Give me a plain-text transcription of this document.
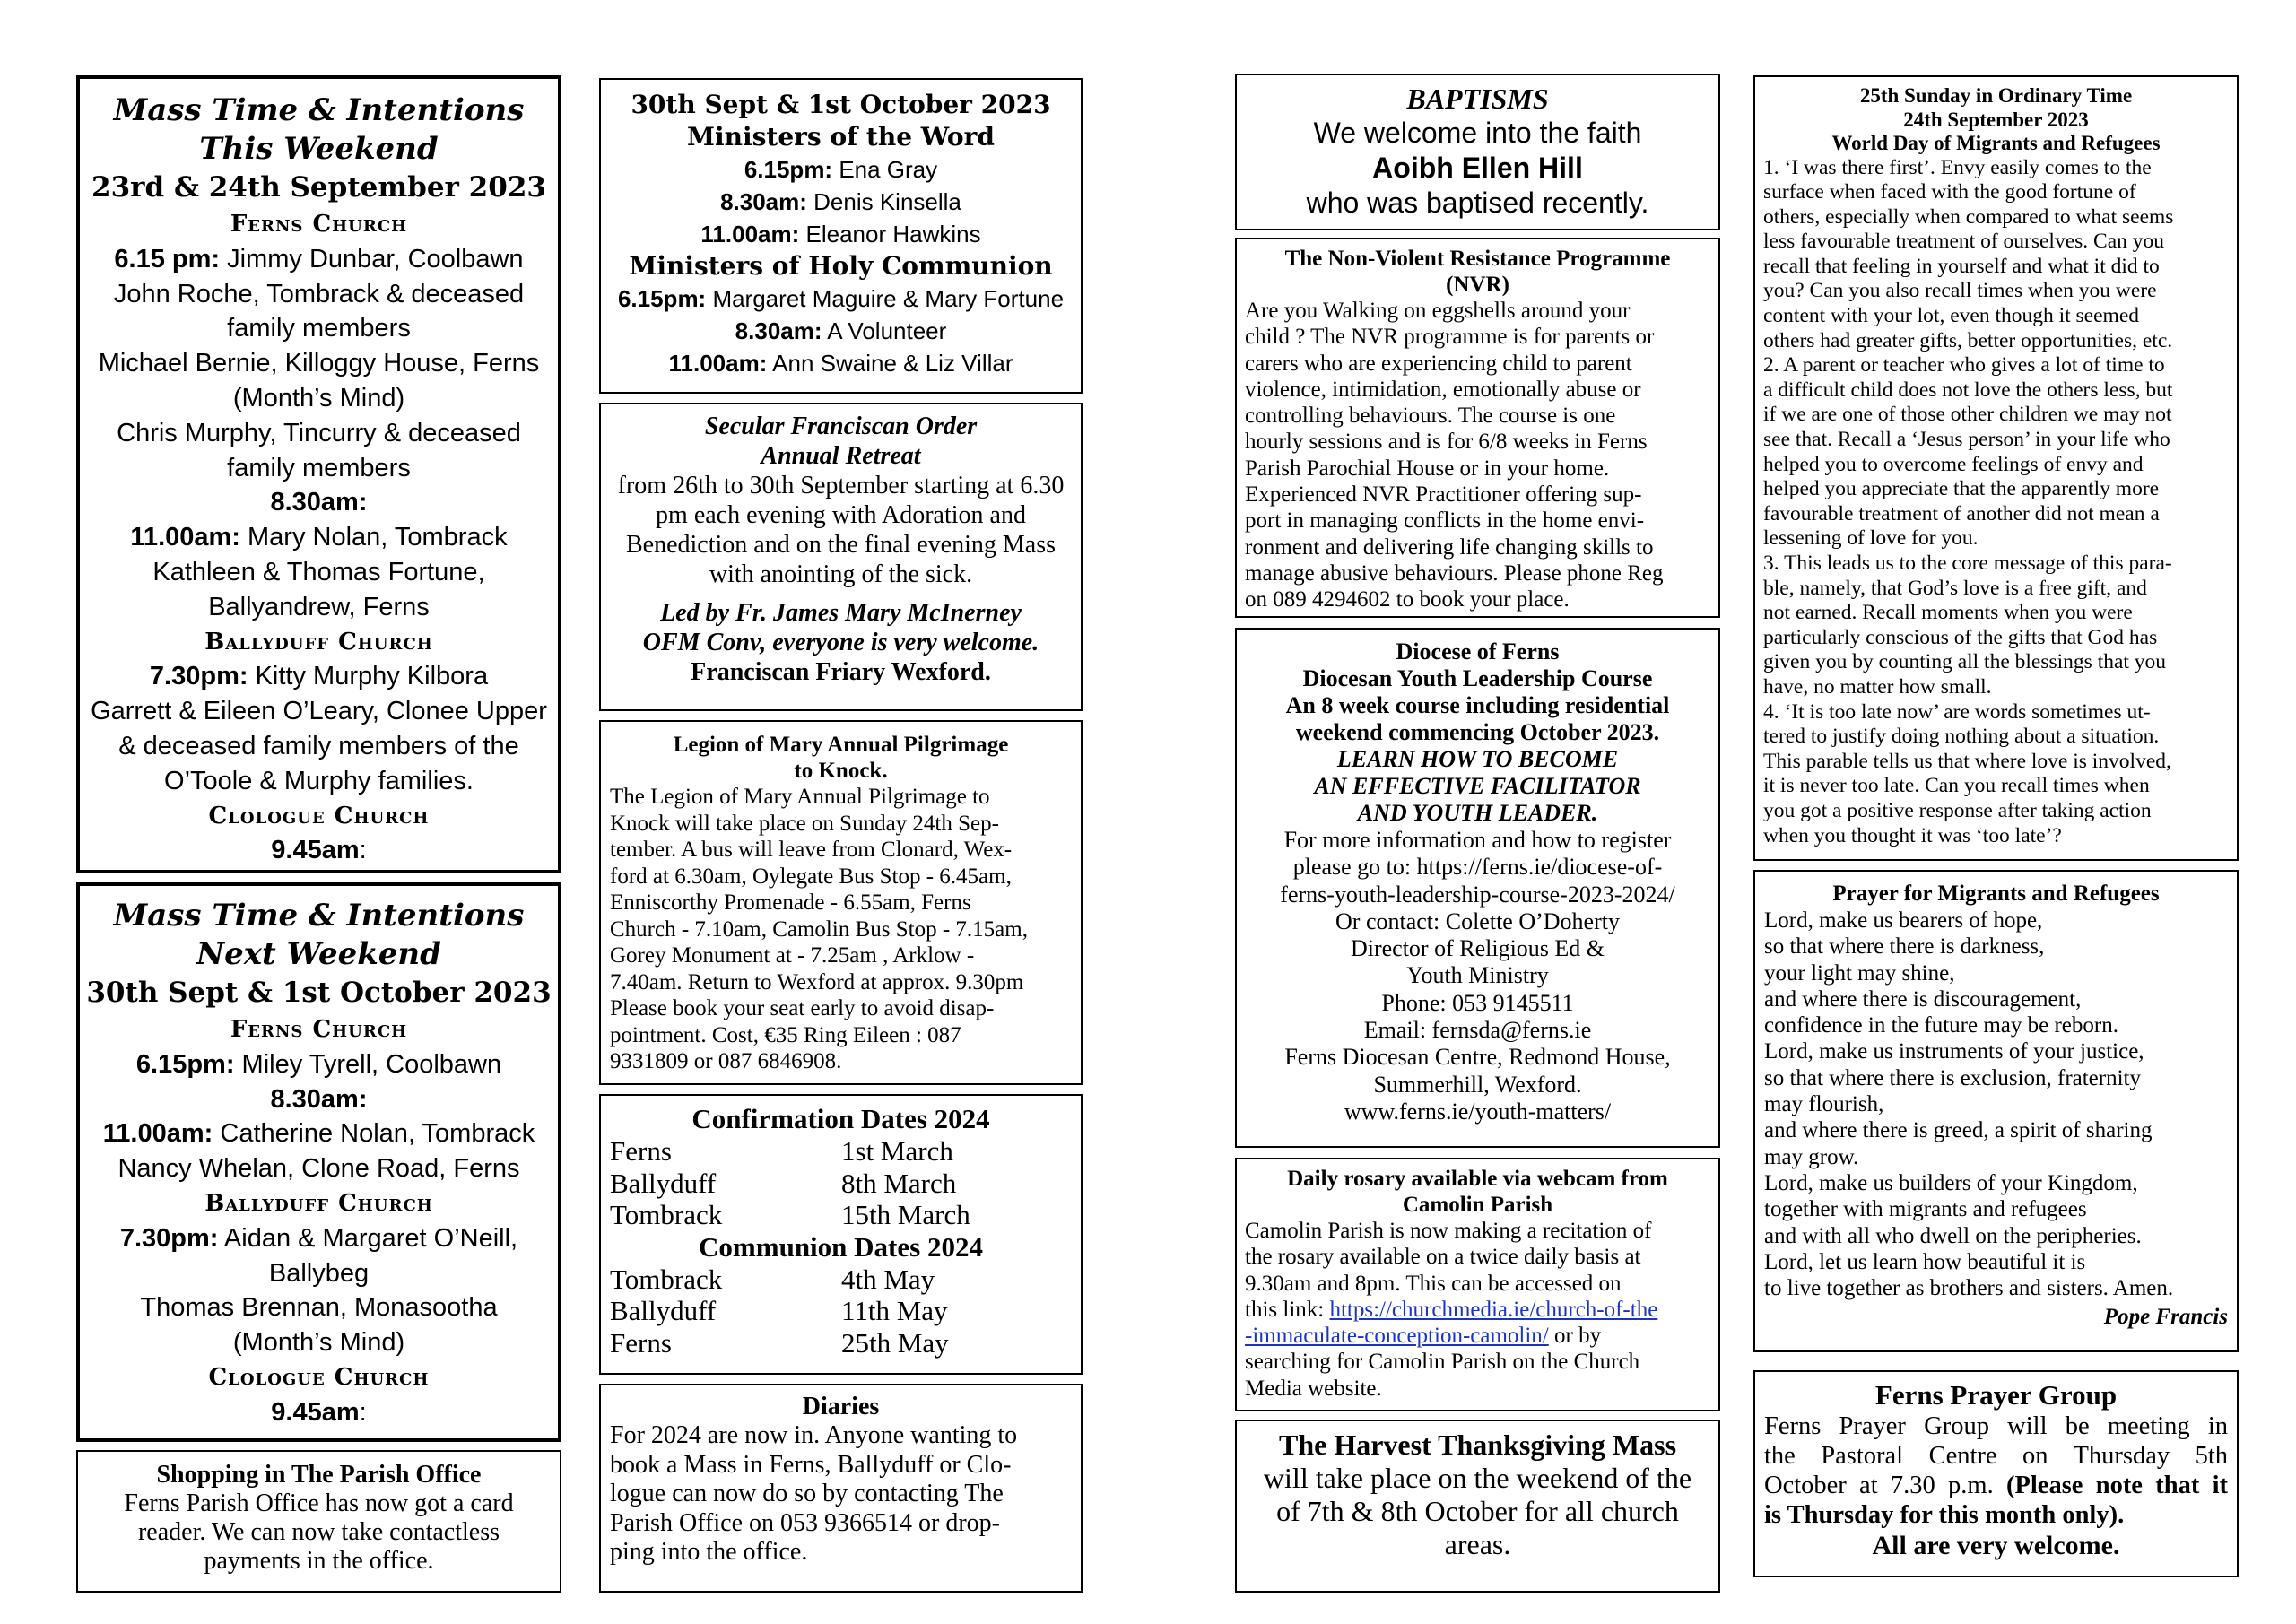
Mass Time & Intentions

This Weekend

23rd & 24th September 2023

Ferns Church

6.15 pm: Jimmy Dunbar, Coolbawn

John Roche, Tombrack & deceased

family members

Michael Bernie, Killoggy House, Ferns

(Month’s Mind)

Chris Murphy, Tincurry & deceased

family members

8.30am:

11.00am: Mary Nolan, Tombrack

Kathleen & Thomas Fortune,

Ballyandrew, Ferns

Ballyduff Church

7.30pm: Kitty Murphy Kilbora

Garrett & Eileen O’Leary, Clonee Upper

& deceased family members of the

O’Toole & Murphy families.

Clologue Church

9.45am:

Mass Time & Intentions

Next Weekend

30th Sept & 1st October 2023

Ferns Church

6.15pm: Miley Tyrell, Coolbawn

8.30am:

11.00am: Catherine Nolan, Tombrack

Nancy Whelan, Clone Road, Ferns

Ballyduff Church

7.30pm: Aidan & Margaret O’Neill,

Ballybeg

Thomas Brennan, Monasootha

(Month’s Mind)

Clologue Church

9.45am:

Shopping in The Parish Office

Ferns Parish Office has now got a card reader. We can now take contactless payments in the office.

30th Sept & 1st October 2023

Ministers of the Word

6.15pm: Ena Gray

8.30am: Denis Kinsella

11.00am: Eleanor Hawkins

Ministers of Holy Communion

6.15pm: Margaret Maguire & Mary Fortune

8.30am: A Volunteer

11.00am: Ann Swaine & Liz Villar

Secular Franciscan Order

Annual Retreat

from 26th to 30th September starting at 6.30 pm each evening with Adoration and Benediction and on the final evening Mass with anointing of the sick.

Led by Fr. James Mary McInerney

OFM Conv, everyone is very welcome.

Franciscan Friary Wexford.

Legion of Mary Annual Pilgrimage

to Knock.

The Legion of Mary Annual Pilgrimage to

Knock will take place on Sunday 24th Sep-

tember. A bus will leave from Clonard, Wex-

ford at 6.30am, Oylegate Bus Stop - 6.45am,

Enniscorthy Promenade - 6.55am, Ferns

Church - 7.10am, Camolin Bus Stop - 7.15am,

Gorey Monument at - 7.25am , Arklow -

7.40am. Return to Wexford at approx. 9.30pm

Please book your seat early to avoid disap-

pointment. Cost, €35 Ring Eileen : 087

9331809 or 087 6846908.

Confirmation Dates 2024

Ferns	1st March
Ballyduff	8th March
Tombrack	15th March

Communion Dates 2024

Tombrack	4th May
Ballyduff	11th May
Ferns	25th May

Diaries

For 2024 are now in. Anyone wanting to

book a Mass in Ferns, Ballyduff or Clo-

logue can now do so by contacting The

Parish Office on 053 9366514 or drop-

ping into the office.

BAPTISMS

We welcome into the faith

Aoibh Ellen Hill

who was baptised recently.

The Non-Violent Resistance Programme

(NVR)

Are you Walking on eggshells around your

child ? The NVR programme is for parents or

carers who are experiencing child to parent

violence, intimidation, emotionally abuse or

controlling behaviours. The course is one

hourly sessions and is for 6/8 weeks in Ferns

Parish Parochial House or in your home.

Experienced NVR Practitioner offering sup-

port in managing conflicts in the home envi-

ronment and delivering life changing skills to

manage abusive behaviours. Please phone Reg

on 089 4294602 to book your place.

Diocese of Ferns

Diocesan Youth Leadership Course

An 8 week course including residential

weekend commencing October 2023.

LEARN HOW TO BECOME

AN EFFECTIVE FACILITATOR

AND YOUTH LEADER.

For more information and how to register

please go to: https://ferns.ie/diocese-of-

ferns-youth-leadership-course-2023-2024/

Or contact: Colette O’Doherty

Director of Religious Ed &

Youth Ministry

Phone: 053 9145511

Email: fernsda@ferns.ie

Ferns Diocesan Centre, Redmond House,

Summerhill, Wexford.

www.ferns.ie/youth-matters/

Daily rosary available via webcam from

Camolin Parish

Camolin Parish is now making a recitation of

the rosary available on a twice daily basis at

9.30am and 8pm. This can be accessed on

this link: https://churchmedia.ie/church-of-the

-immaculate-conception-camolin/ or by

searching for Camolin Parish on the Church

Media website.

The Harvest Thanksgiving Mass

will take place on the weekend of the

of 7th & 8th October for all church

areas.

25th Sunday in Ordinary Time

24th September 2023

World Day of Migrants and Refugees

1. ‘I was there first’. Envy easily comes to the

surface when faced with the good fortune of

others, especially when compared to what seems

less favourable treatment of ourselves. Can you

recall that feeling in yourself and what it did to

you? Can you also recall times when you were

content with your lot, even though it seemed

others had greater gifts, better opportunities, etc.

2. A parent or teacher who gives a lot of time to

a difficult child does not love the others less, but

if we are one of those other children we may not

see that. Recall a ‘Jesus person’ in your life who

helped you to overcome feelings of envy and

helped you appreciate that the apparently more

favourable treatment of another did not mean a

lessening of love for you.

3. This leads us to the core message of this para-

ble, namely, that God’s love is a free gift, and

not earned. Recall moments when you were

particularly conscious of the gifts that God has

given you by counting all the blessings that you

have, no matter how small.

4. ‘It is too late now’ are words sometimes ut-

tered to justify doing nothing about a situation.

This parable tells us that where love is involved,

it is never too late. Can you recall times when

you got a positive response after taking action

when you thought it was ‘too late’?

Prayer for Migrants and Refugees

Lord, make us bearers of hope,

so that where there is darkness,

your light may shine,

and where there is discouragement,

confidence in the future may be reborn.

Lord, make us instruments of your justice,

so that where there is exclusion, fraternity

may flourish,

and where there is greed, a spirit of sharing

may grow.

Lord, make us builders of your Kingdom,

together with migrants and refugees

and with all who dwell on the peripheries.

Lord, let us learn how beautiful it is

to live together as brothers and sisters. Amen.

Pope Francis

Ferns Prayer Group

Ferns Prayer Group will be meeting in

the Pastoral Centre on Thursday 5th

October at 7.30 p.m. (Please note that it

is Thursday for this month only).

All are very welcome.
